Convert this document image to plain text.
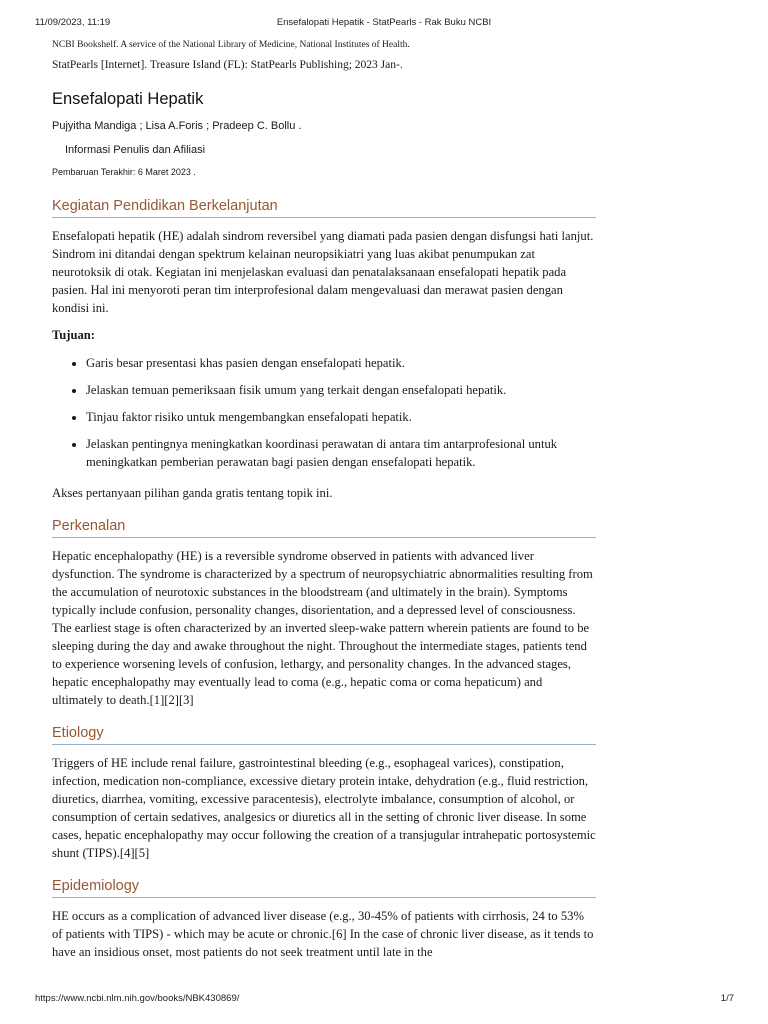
11/09/2023, 11:19	Ensefalopati Hepatik - StatPearls - Rak Buku NCBI

NCBI Bookshelf. A service of the National Library of Medicine, National Institutes of Health.

StatPearls [Internet]. Treasure Island (FL): StatPearls Publishing; 2023 Jan-.

Ensefalopati Hepatik

Pujyitha Mandiga ; Lisa A.Foris ; Pradeep C. Bollu .

Informasi Penulis dan Afiliasi

Pembaruan Terakhir: 6 Maret 2023 .

Kegiatan Pendidikan Berkelanjutan

Ensefalopati hepatik (HE) adalah sindrom reversibel yang diamati pada pasien dengan disfungsi hati lanjut. Sindrom ini ditandai dengan spektrum kelainan neuropsikiatri yang luas akibat penumpukan zat neurotoksik di otak. Kegiatan ini menjelaskan evaluasi dan penatalaksanaan ensefalopati hepatik pada pasien. Hal ini menyoroti peran tim interprofesional dalam mengevaluasi dan merawat pasien dengan kondisi ini.

Tujuan:

• Garis besar presentasi khas pasien dengan ensefalopati hepatik.
• Jelaskan temuan pemeriksaan fisik umum yang terkait dengan ensefalopati hepatik.
• Tinjau faktor risiko untuk mengembangkan ensefalopati hepatik.
• Jelaskan pentingnya meningkatkan koordinasi perawatan di antara tim antarprofesional untuk meningkatkan pemberian perawatan bagi pasien dengan ensefalopati hepatik.

Akses pertanyaan pilihan ganda gratis tentang topik ini.

Perkenalan

Hepatic encephalopathy (HE) is a reversible syndrome observed in patients with advanced liver dysfunction. The syndrome is characterized by a spectrum of neuropsychiatric abnormalities resulting from the accumulation of neurotoxic substances in the bloodstream (and ultimately in the brain). Symptoms typically include confusion, personality changes, disorientation, and a depressed level of consciousness. The earliest stage is often characterized by an inverted sleep-wake pattern wherein patients are found to be sleeping during the day and awake throughout the night. Throughout the intermediate stages, patients tend to experience worsening levels of confusion, lethargy, and personality changes. In the advanced stages, hepatic encephalopathy may eventually lead to coma (e.g., hepatic coma or coma hepaticum) and ultimately to death.[1][2][3]

Etiology

Triggers of HE include renal failure, gastrointestinal bleeding (e.g., esophageal varices), constipation, infection, medication non-compliance, excessive dietary protein intake, dehydration (e.g., fluid restriction, diuretics, diarrhea, vomiting, excessive paracentesis), electrolyte imbalance, consumption of alcohol, or consumption of certain sedatives, analgesics or diuretics all in the setting of chronic liver disease. In some cases, hepatic encephalopathy may occur following the creation of a transjugular intrahepatic portosystemic shunt (TIPS).[4][5]

Epidemiology

HE occurs as a complication of advanced liver disease (e.g., 30-45% of patients with cirrhosis, 24 to 53% of patients with TIPS) - which may be acute or chronic.[6] In the case of chronic liver disease, as it tends to have an insidious onset, most patients do not seek treatment until late in the

https://www.ncbi.nlm.nih.gov/books/NBK430869/	1/7
